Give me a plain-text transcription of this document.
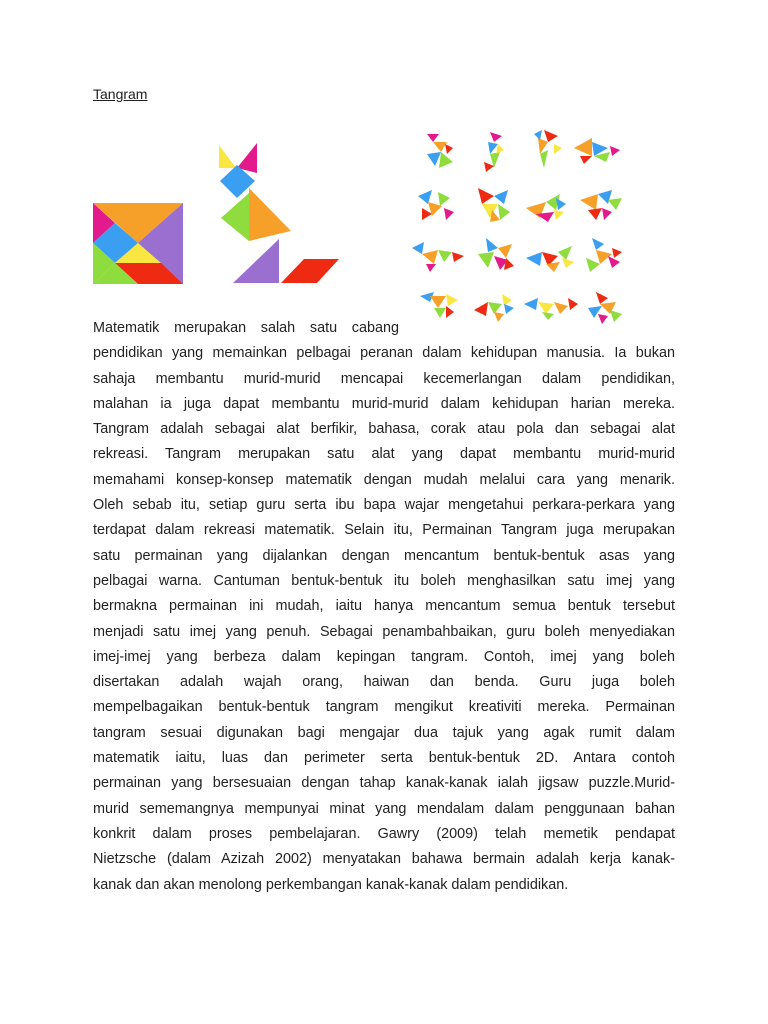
Tangram
Matematik merupakan salah satu cabang
pendidikan yang memainkan pelbagai peranan dalam kehidupan manusia. Ia bukan
sahaja membantu murid-murid mencapai kecemerlangan dalam pendidikan,
malahan ia juga dapat membantu murid-murid dalam kehidupan harian mereka.
Tangram adalah sebagai alat berfikir, bahasa, corak atau pola dan sebagai alat
rekreasi. Tangram merupakan satu alat yang dapat membantu murid-murid
memahami konsep-konsep matematik dengan mudah melalui cara yang menarik.
Oleh sebab itu, setiap guru serta ibu bapa wajar mengetahui perkara-perkara yang
terdapat dalam rekreasi matematik. Selain itu, Permainan Tangram juga merupakan
satu permainan yang dijalankan dengan mencantum bentuk-bentuk asas yang
pelbagai warna. Cantuman bentuk-bentuk itu boleh menghasilkan satu imej yang
bermakna permainan ini mudah, iaitu hanya mencantum semua bentuk tersebut
menjadi satu imej yang penuh. Sebagai penambahbaikan, guru boleh menyediakan
imej-imej yang berbeza dalam kepingan tangram. Contoh, imej yang boleh
disertakan adalah wajah orang, haiwan dan benda. Guru juga boleh
mempelbagaikan bentuk-bentuk tangram mengikut kreativiti mereka. Permainan
tangram sesuai digunakan bagi mengajar dua tajuk yang agak rumit dalam
matematik iaitu, luas dan perimeter serta bentuk-bentuk 2D. Antara contoh
permainan yang bersesuaian dengan tahap kanak-kanak ialah jigsaw puzzle.Murid-
murid sememangnya mempunyai minat yang mendalam dalam penggunaan bahan
konkrit dalam proses pembelajaran. Gawry (2009) telah memetik pendapat
Nietzsche (dalam Azizah 2002) menyatakan bahawa bermain adalah kerja kanak-
kanak dan akan menolong perkembangan kanak-kanak dalam pendidikan.
